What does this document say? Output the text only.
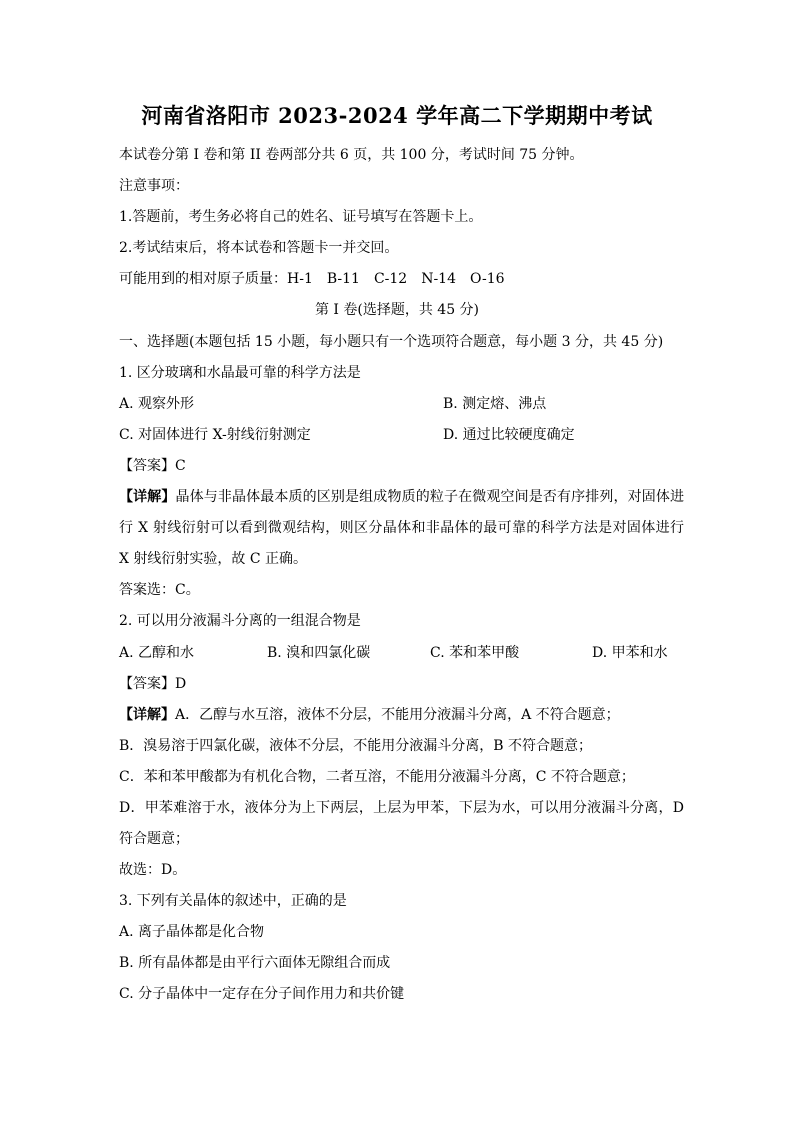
河南省洛阳市 2023-2024 学年高二下学期期中考试
本试卷分第 I 卷和第 II 卷两部分共 6 页，共 100 分，考试时间 75 分钟。
注意事项：
1.答题前，考生务必将自己的姓名、证号填写在答题卡上。
2.考试结束后，将本试卷和答题卡一并交回。
可能用到的相对原子质量：H-1　B-11　C-12　N-14　O-16
第 I 卷(选择题，共 45 分)
一、选择题(本题包括 15 小题，每小题只有一个选项符合题意，每小题 3 分，共 45 分)
1. 区分玻璃和水晶最可靠的科学方法是
A. 观察外形	B. 测定熔、沸点
C. 对固体进行 X-射线衍射测定	D. 通过比较硬度确定
【答案】C
【详解】晶体与非晶体最本质的区别是组成物质的粒子在微观空间是否有序排列，对固体进行 X 射线衍射可以看到微观结构，则区分晶体和非晶体的最可靠的科学方法是对固体进行 X 射线衍射实验，故 C 正确。
答案选：C。
2. 可以用分液漏斗分离的一组混合物是
A. 乙醇和水	B. 溴和四氯化碳	C. 苯和苯甲酸	D. 甲苯和水
【答案】D
【详解】A．乙醇与水互溶，液体不分层，不能用分液漏斗分离，A 不符合题意；
B．溴易溶于四氯化碳，液体不分层，不能用分液漏斗分离，B 不符合题意；
C．苯和苯甲酸都为有机化合物，二者互溶，不能用分液漏斗分离，C 不符合题意；
D．甲苯难溶于水，液体分为上下两层，上层为甲苯，下层为水，可以用分液漏斗分离，D 符合题意；
故选：D。
3. 下列有关晶体的叙述中，正确的是
A. 离子晶体都是化合物
B. 所有晶体都是由平行六面体无隙组合而成
C. 分子晶体中一定存在分子间作用力和共价键
